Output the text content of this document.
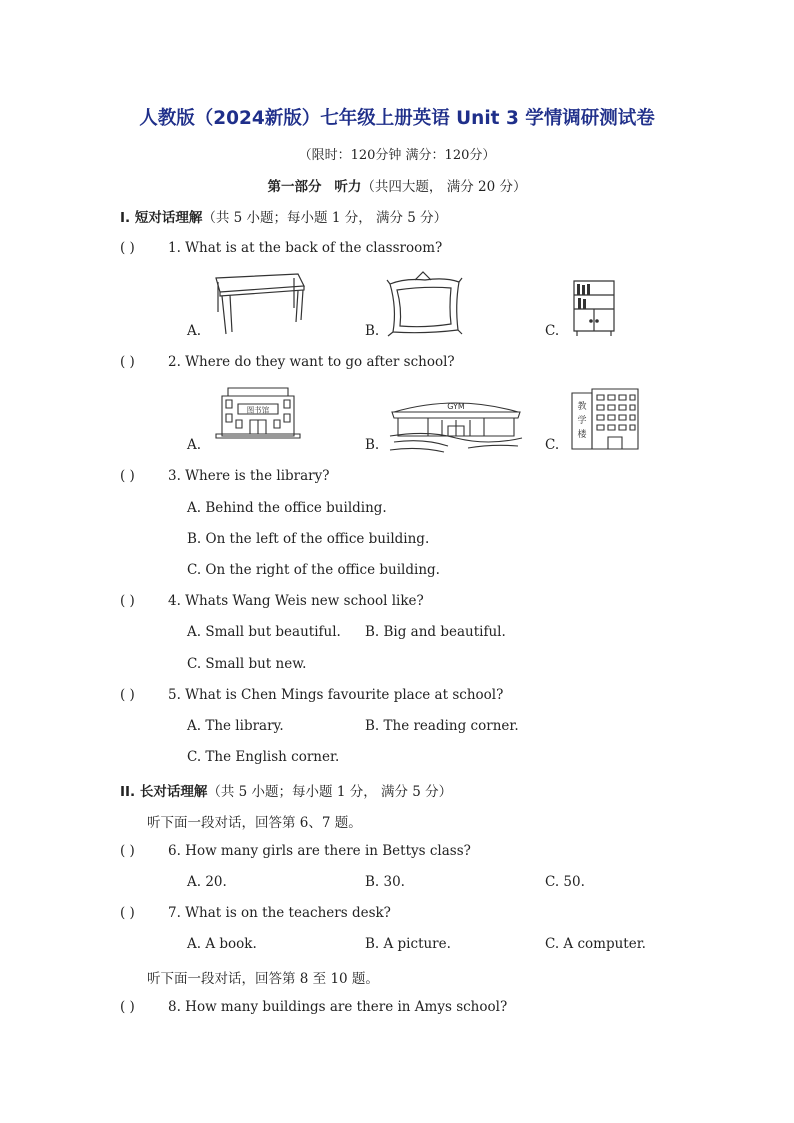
人教版（2024新版）七年级上册英语 Unit 3 学情调研测试卷
（限时：120分钟 满分：120分）
第一部分 听力（共四大题， 满分 20 分）
I. 短对话理解（共 5 小题；每小题 1 分， 满分 5 分）
( ) 1. What is at the back of the classroom?
A.	B.	C.
( ) 2. Where do they want to go after school?
A.	B.	C.
图书馆	GYM	教
学
楼
( ) 3. Where is the library?
A. Behind the office building.
B. On the left of the office building.
C. On the right of the office building.
( ) 4. Whats Wang Weis new school like?
A. Small but beautiful. B. Big and beautiful.
C. Small but new.
( ) 5. What is Chen Mings favourite place at school?
A. The library.	B. The reading corner.
C. The English corner.
II. 长对话理解（共 5 小题；每小题 1 分， 满分 5 分）
听下面一段对话，回答第 6、7 题。
( ) 6. How many girls are there in Bettys class?
A. 20.	B. 30.	C. 50.
( ) 7. What is on the teachers desk?
A. A book.	B. A picture.	C. A computer.
听下面一段对话，回答第 8 至 10 题。
( ) 8. How many buildings are there in Amys school?
